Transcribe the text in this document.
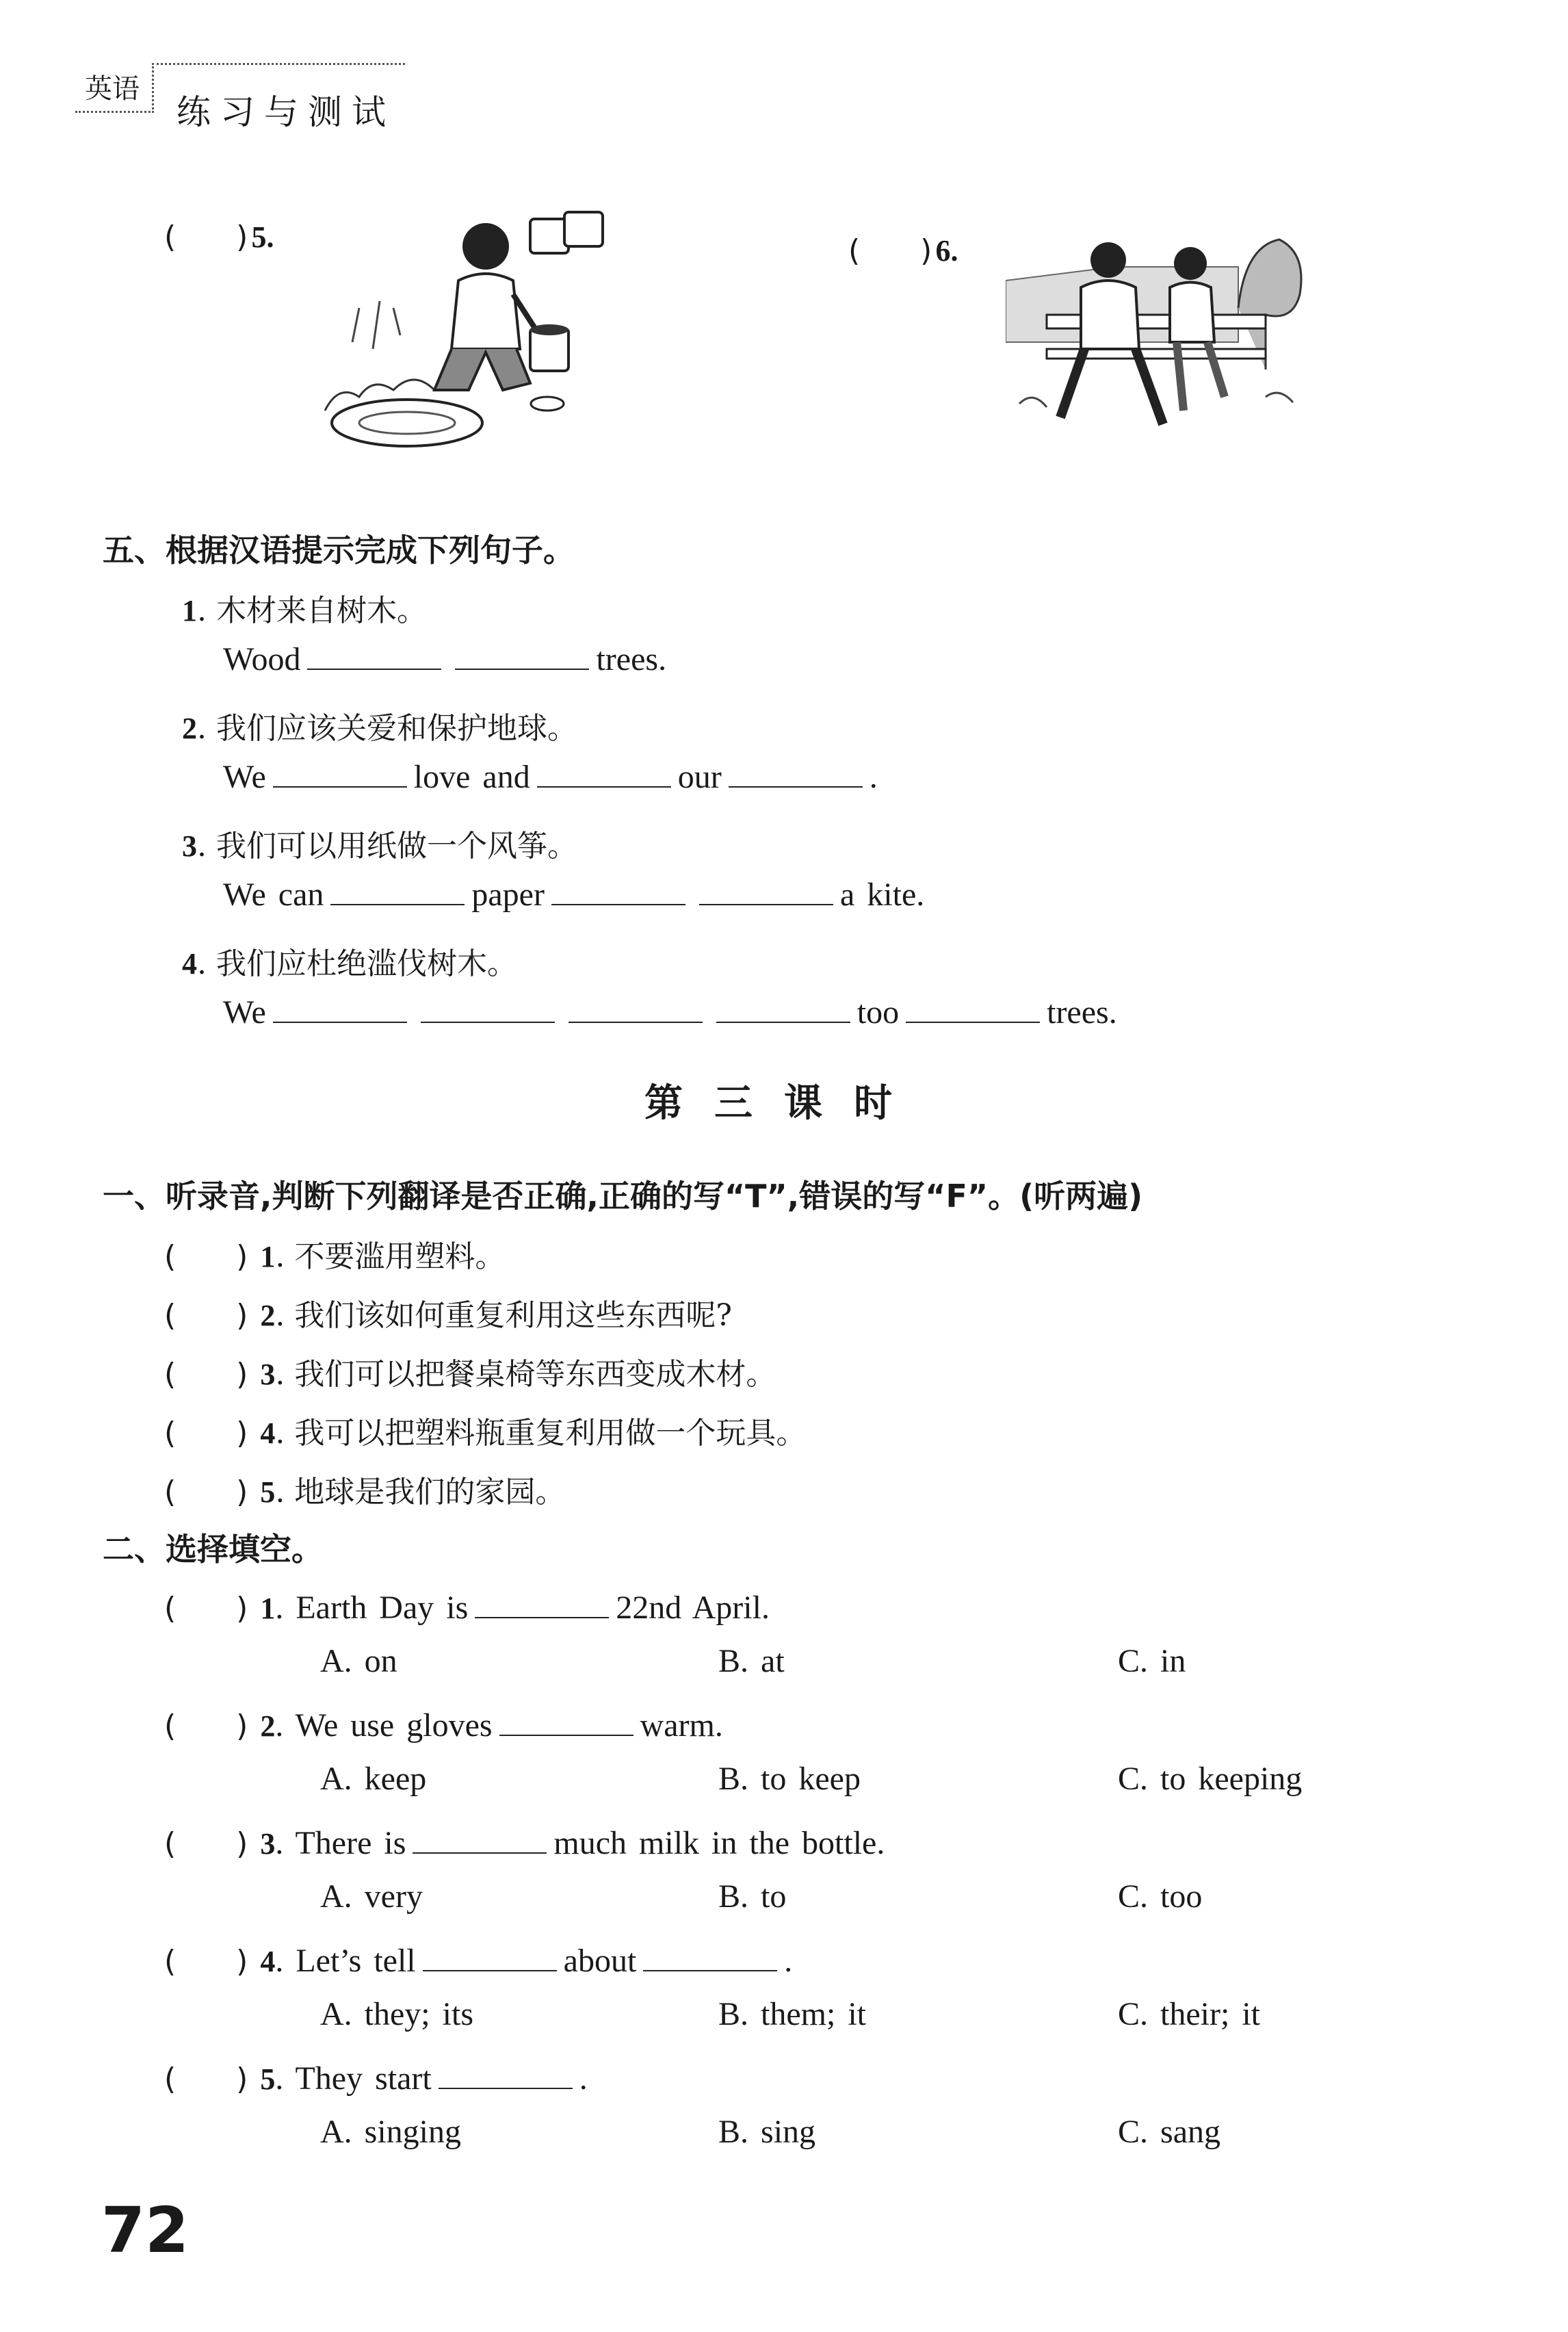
英语
练习与测试
(　　) 5.	(　　) 6.
五、根据汉语提示完成下列句子。
1. 木材来自树木。
Wood	trees.
2. 我们应该关爱和保护地球。
We	love and	our	.
3. 我们可以用纸做一个风筝。
We can	paper	a kite.
4. 我们应杜绝滥伐树木。
We	too	trees.
第三课时
一、听录音,判断下列翻译是否正确,正确的写“T”,错误的写“F”。(听两遍)
(　　) 1. 不要滥用塑料。
(　　) 2. 我们该如何重复利用这些东西呢?
(　　) 3. 我们可以把餐桌椅等东西变成木材。
(　　) 4. 我可以把塑料瓶重复利用做一个玩具。
(　　) 5. 地球是我们的家园。
二、选择填空。
(　　) 1. Earth Day is	22nd April.
A. on	B. at	C. in
(　　) 2. We use gloves	warm.
A. keep	B. to keep	C. to keeping
(　　) 3. There is	much milk in the bottle.
A. very	B. to	C. too
(　　) 4. Let’s tell	about	.
A. they; its	B. them; it	C. their; it
(　　) 5. They start	.
A. singing	B. sing	C. sang
72
